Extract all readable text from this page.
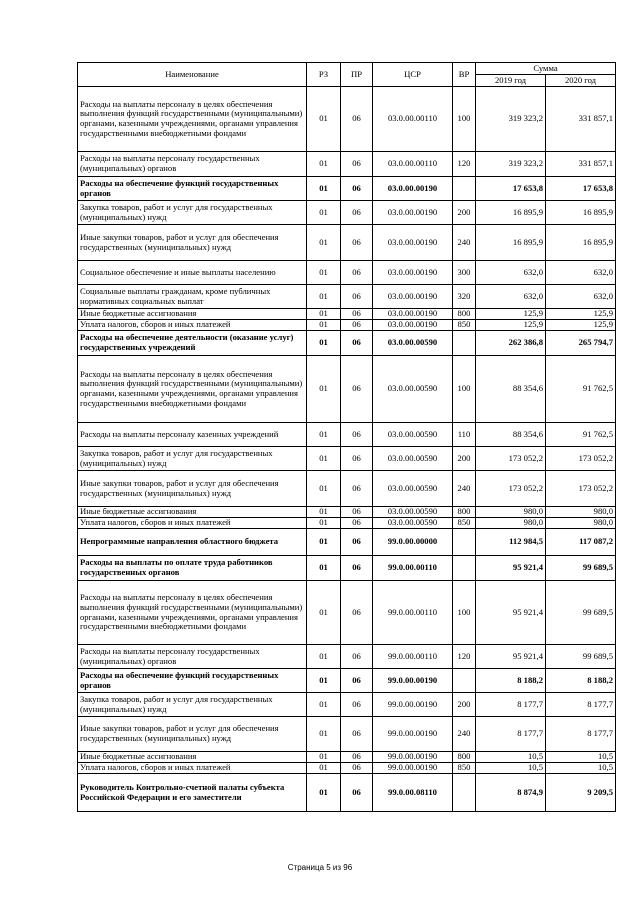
Наименование	РЗ	ПР	ЦСР	ВР	Сумма	
					2019 год	2020 год
Расходы на выплаты персоналу в целях обеспечения выполнения функций государственными (муниципальными) органами, казенными учреждениями, органами управления государственными внебюджетными фондами	01	06	03.0.00.00110	100	319 323,2	331 857,1
Расходы на выплаты персоналу государственных (муниципальных) органов	01	06	03.0.00.00110	120	319 323,2	331 857,1
Расходы на обеспечение функций государственных органов	01	06	03.0.00.00190		17 653,8	17 653,8
Закупка товаров, работ и услуг для государственных (муниципальных) нужд	01	06	03.0.00.00190	200	16 895,9	16 895,9
Иные закупки товаров, работ и услуг для обеспечения государственных (муниципальных) нужд	01	06	03.0.00.00190	240	16 895,9	16 895,9
Социальное обеспечение и иные выплаты населению	01	06	03.0.00.00190	300	632,0	632,0
Социальные выплаты гражданам, кроме публичных нормативных социальных выплат	01	06	03.0.00.00190	320	632,0	632,0
Иные бюджетные ассигнования	01	06	03.0.00.00190	800	125,9	125,9
Уплата налогов, сборов и иных платежей	01	06	03.0.00.00190	850	125,9	125,9
Расходы на обеспечение деятельности (оказание услуг) государственных учреждений	01	06	03.0.00.00590		262 386,8	265 794,7
Расходы на выплаты персоналу в целях обеспечения выполнения функций государственными (муниципальными) органами, казенными учреждениями, органами управления государственными внебюджетными фондами	01	06	03.0.00.00590	100	88 354,6	91 762,5
Расходы на выплаты персоналу казенных учреждений	01	06	03.0.00.00590	110	88 354,6	91 762,5
Закупка товаров, работ и услуг для государственных (муниципальных) нужд	01	06	03.0.00.00590	200	173 052,2	173 052,2
Иные закупки товаров, работ и услуг для обеспечения государственных (муниципальных) нужд	01	06	03.0.00.00590	240	173 052,2	173 052,2
Иные бюджетные ассигнования	01	06	03.0.00.00590	800	980,0	980,0
Уплата налогов, сборов и иных платежей	01	06	03.0.00.00590	850	980,0	980,0
Непрограммные направления областного бюджета	01	06	99.0.00.00000		112 984,5	117 087,2
Расходы на выплаты по оплате труда работников государственных органов	01	06	99.0.00.00110		95 921,4	99 689,5
Расходы на выплаты персоналу в целях обеспечения выполнения функций государственными (муниципальными) органами, казенными учреждениями, органами управления государственными внебюджетными фондами	01	06	99.0.00.00110	100	95 921,4	99 689,5
Расходы на выплаты персоналу государственных (муниципальных) органов	01	06	99.0.00.00110	120	95 921,4	99 689,5
Расходы на обеспечение функций государственных органов	01	06	99.0.00.00190		8 188,2	8 188,2
Закупка товаров, работ и услуг для государственных (муниципальных) нужд	01	06	99.0.00.00190	200	8 177,7	8 177,7
Иные закупки товаров, работ и услуг для обеспечения государственных (муниципальных) нужд	01	06	99.0.00.00190	240	8 177,7	8 177,7
Иные бюджетные ассигнования	01	06	99.0.00.00190	800	10,5	10,5
Уплата налогов, сборов и иных платежей	01	06	99.0.00.00190	850	10,5	10,5
Руководитель Контрольно-счетной палаты субъекта Российской Федерации и его заместители	01	06	99.0.00.08110		8 874,9	9 209,5
Страница 5 из 96
